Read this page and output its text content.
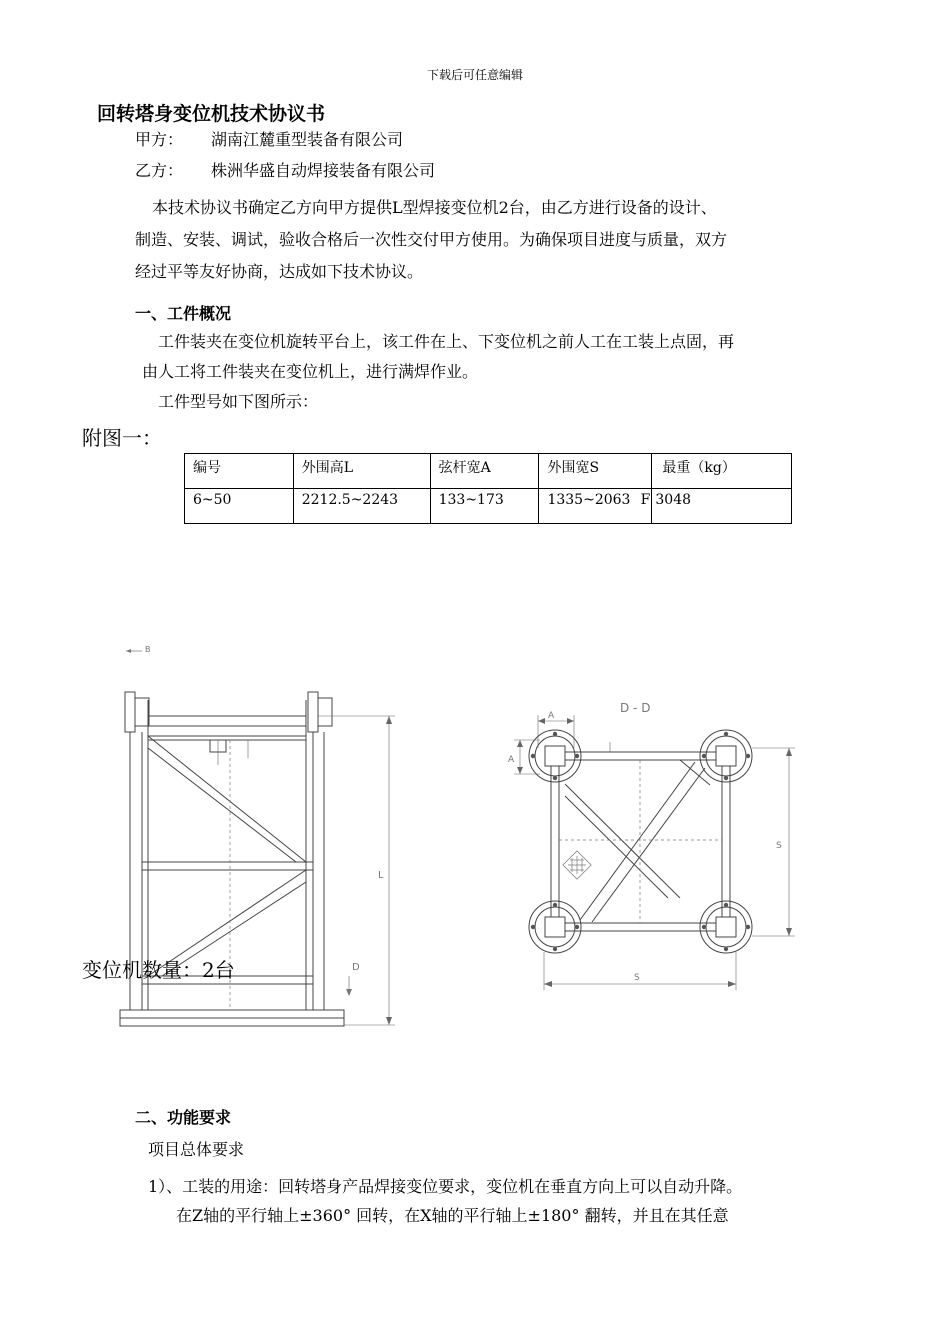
下载后可任意编辑
回转塔身变位机技术协议书
甲方： 湖南江麓重型装备有限公司
乙方： 株洲华盛自动焊接装备有限公司
本技术协议书确定乙方向甲方提供L型焊接变位机2台，由乙方进行设备的设计、
制造、安装、调试，验收合格后一次性交付甲方使用。为确保项目进度与质量，双方
经过平等友好协商，达成如下技术协议。
一、工件概况
工件装夹在变位机旋转平台上，该工件在上、下变位机之前人工在工装上点固，再
由人工将工件装夹在变位机上，进行满焊作业。
工件型号如下图所示：
附图一：
编号	外围高L	弦杆宽A	外围宽S	最重（kg）
6~50	2212.5~2243	133~173	1335~2063 F	3048
B
D
L
D - D
A
A
S
S
变位机数量：2台
二、功能要求
项目总体要求
1）、工装的用途：回转塔身产品焊接变位要求，变位机在垂直方向上可以自动升降。
在Z轴的平行轴上±360° 回转，在X轴的平行轴上±180° 翻转，并且在其任意
